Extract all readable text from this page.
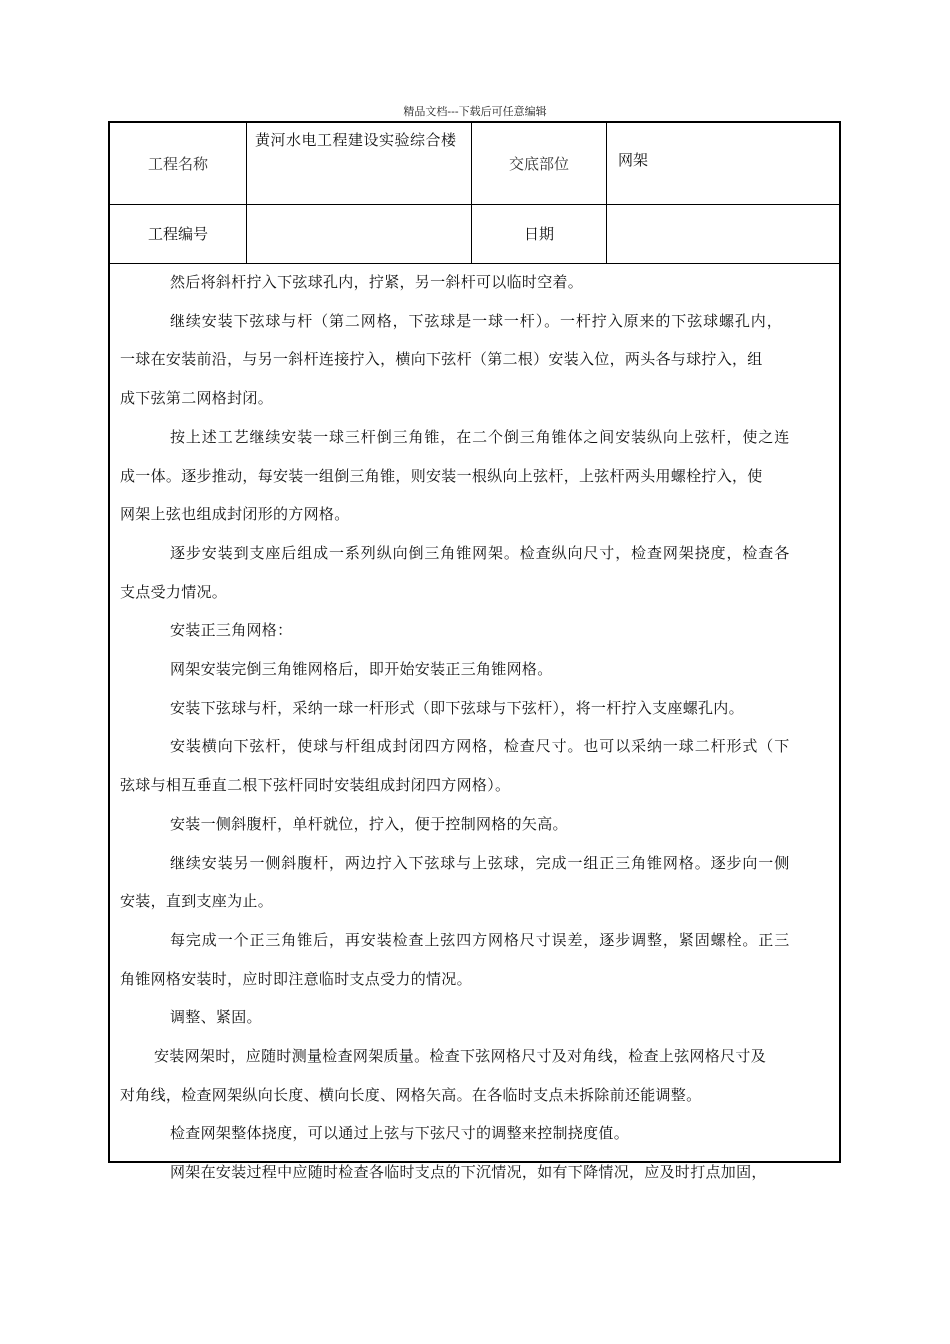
精品文档---下载后可任意编辑
工程名称
黄河水电工程建设实验综合楼
交底部位	网架
工程编号	日期

然后将斜杆拧入下弦球孔内，拧紧，另一斜杆可以临时空着。

继续安装下弦球与杆（第二网格，下弦球是一球一杆）。一杆拧入原来的下弦球螺孔内，

一球在安装前沿，与另一斜杆连接拧入，横向下弦杆（第二根）安装入位，两头各与球拧入，组

成下弦第二网格封闭。

按上述工艺继续安装一球三杆倒三角锥，在二个倒三角锥体之间安装纵向上弦杆，使之连

成一体。逐步推动，每安装一组倒三角锥，则安装一根纵向上弦杆，上弦杆两头用螺栓拧入，使

网架上弦也组成封闭形的方网格。

逐步安装到支座后组成一系列纵向倒三角锥网架。检查纵向尺寸，检查网架挠度，检查各

支点受力情况。

安装正三角网格：

网架安装完倒三角锥网格后，即开始安装正三角锥网格。

安装下弦球与杆，采纳一球一杆形式（即下弦球与下弦杆），将一杆拧入支座螺孔内。

安装横向下弦杆，使球与杆组成封闭四方网格，检查尺寸。也可以采纳一球二杆形式（下

弦球与相互垂直二根下弦杆同时安装组成封闭四方网格）。

安装一侧斜腹杆，单杆就位，拧入，便于控制网格的矢高。

继续安装另一侧斜腹杆，两边拧入下弦球与上弦球，完成一组正三角锥网格。逐步向一侧

安装，直到支座为止。

每完成一个正三角锥后，再安装检查上弦四方网格尺寸误差，逐步调整，紧固螺栓。正三

角锥网格安装时，应时即注意临时支点受力的情况。

调整、紧固。

安装网架时，应随时测量检查网架质量。检查下弦网格尺寸及对角线，检查上弦网格尺寸及

对角线，检查网架纵向长度、横向长度、网格矢高。在各临时支点未拆除前还能调整。

检查网架整体挠度，可以通过上弦与下弦尺寸的调整来控制挠度值。

网架在安装过程中应随时检查各临时支点的下沉情况，如有下降情况，应及时打点加固，
